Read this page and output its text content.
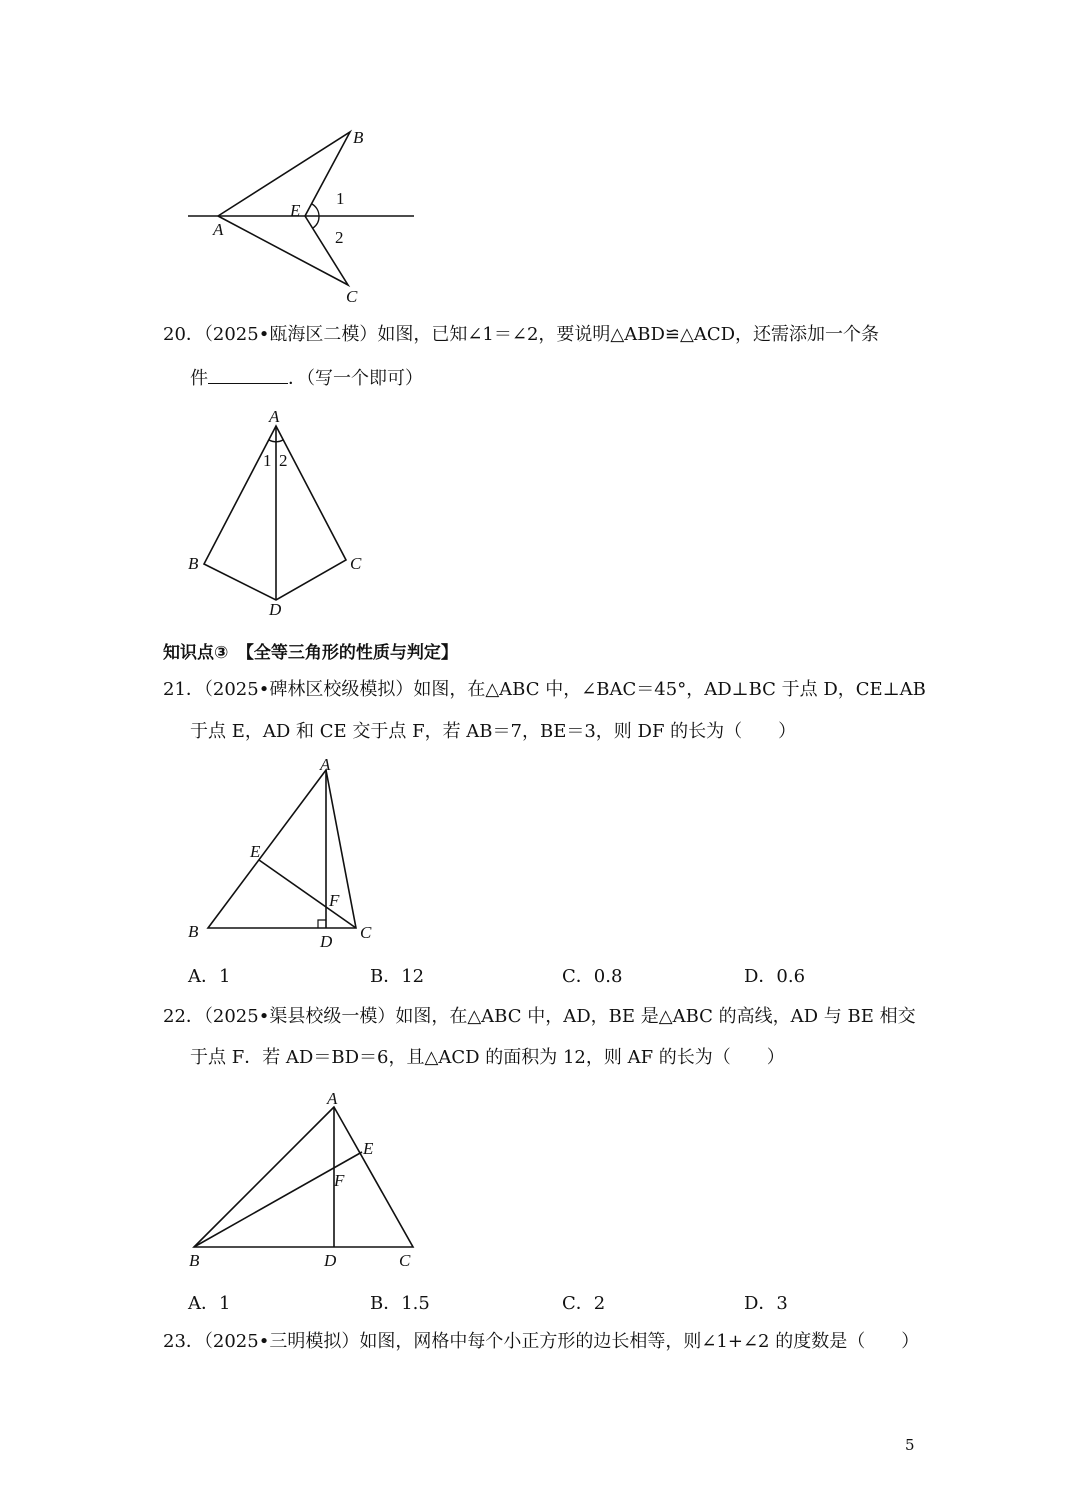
B
A
E
1
2
C
20．（2025•瓯海区二模）如图，已知∠1＝∠2，要说明△ABD≌△ACD，还需添加一个条
件	．（写一个即可）
A
1 2
B	C
D
知识点③　【全等三角形的性质与判定】
21．（2025•碑林区校级模拟）如图，在△ABC 中，∠BAC＝45°，AD⊥BC 于点 D，CE⊥AB
于点 E，AD 和 CE 交于点 F，若 AB＝7，BE＝3，则 DF 的长为（　　）
A
E
F
B
D C
A．1	B．12	C．0.8	D．0.6
22．（2025•渠县校级一模）如图，在△ABC 中，AD，BE 是△ABC 的高线，AD 与 BE 相交
于点 F．若 AD＝BD＝6，且△ACD 的面积为 12，则 AF 的长为（　　）
A
E
F
B	D	C
A．1	B．1.5	C．2	D．3
23．（2025•三明模拟）如图，网格中每个小正方形的边长相等，则∠1+∠2 的度数是（　　）
5
